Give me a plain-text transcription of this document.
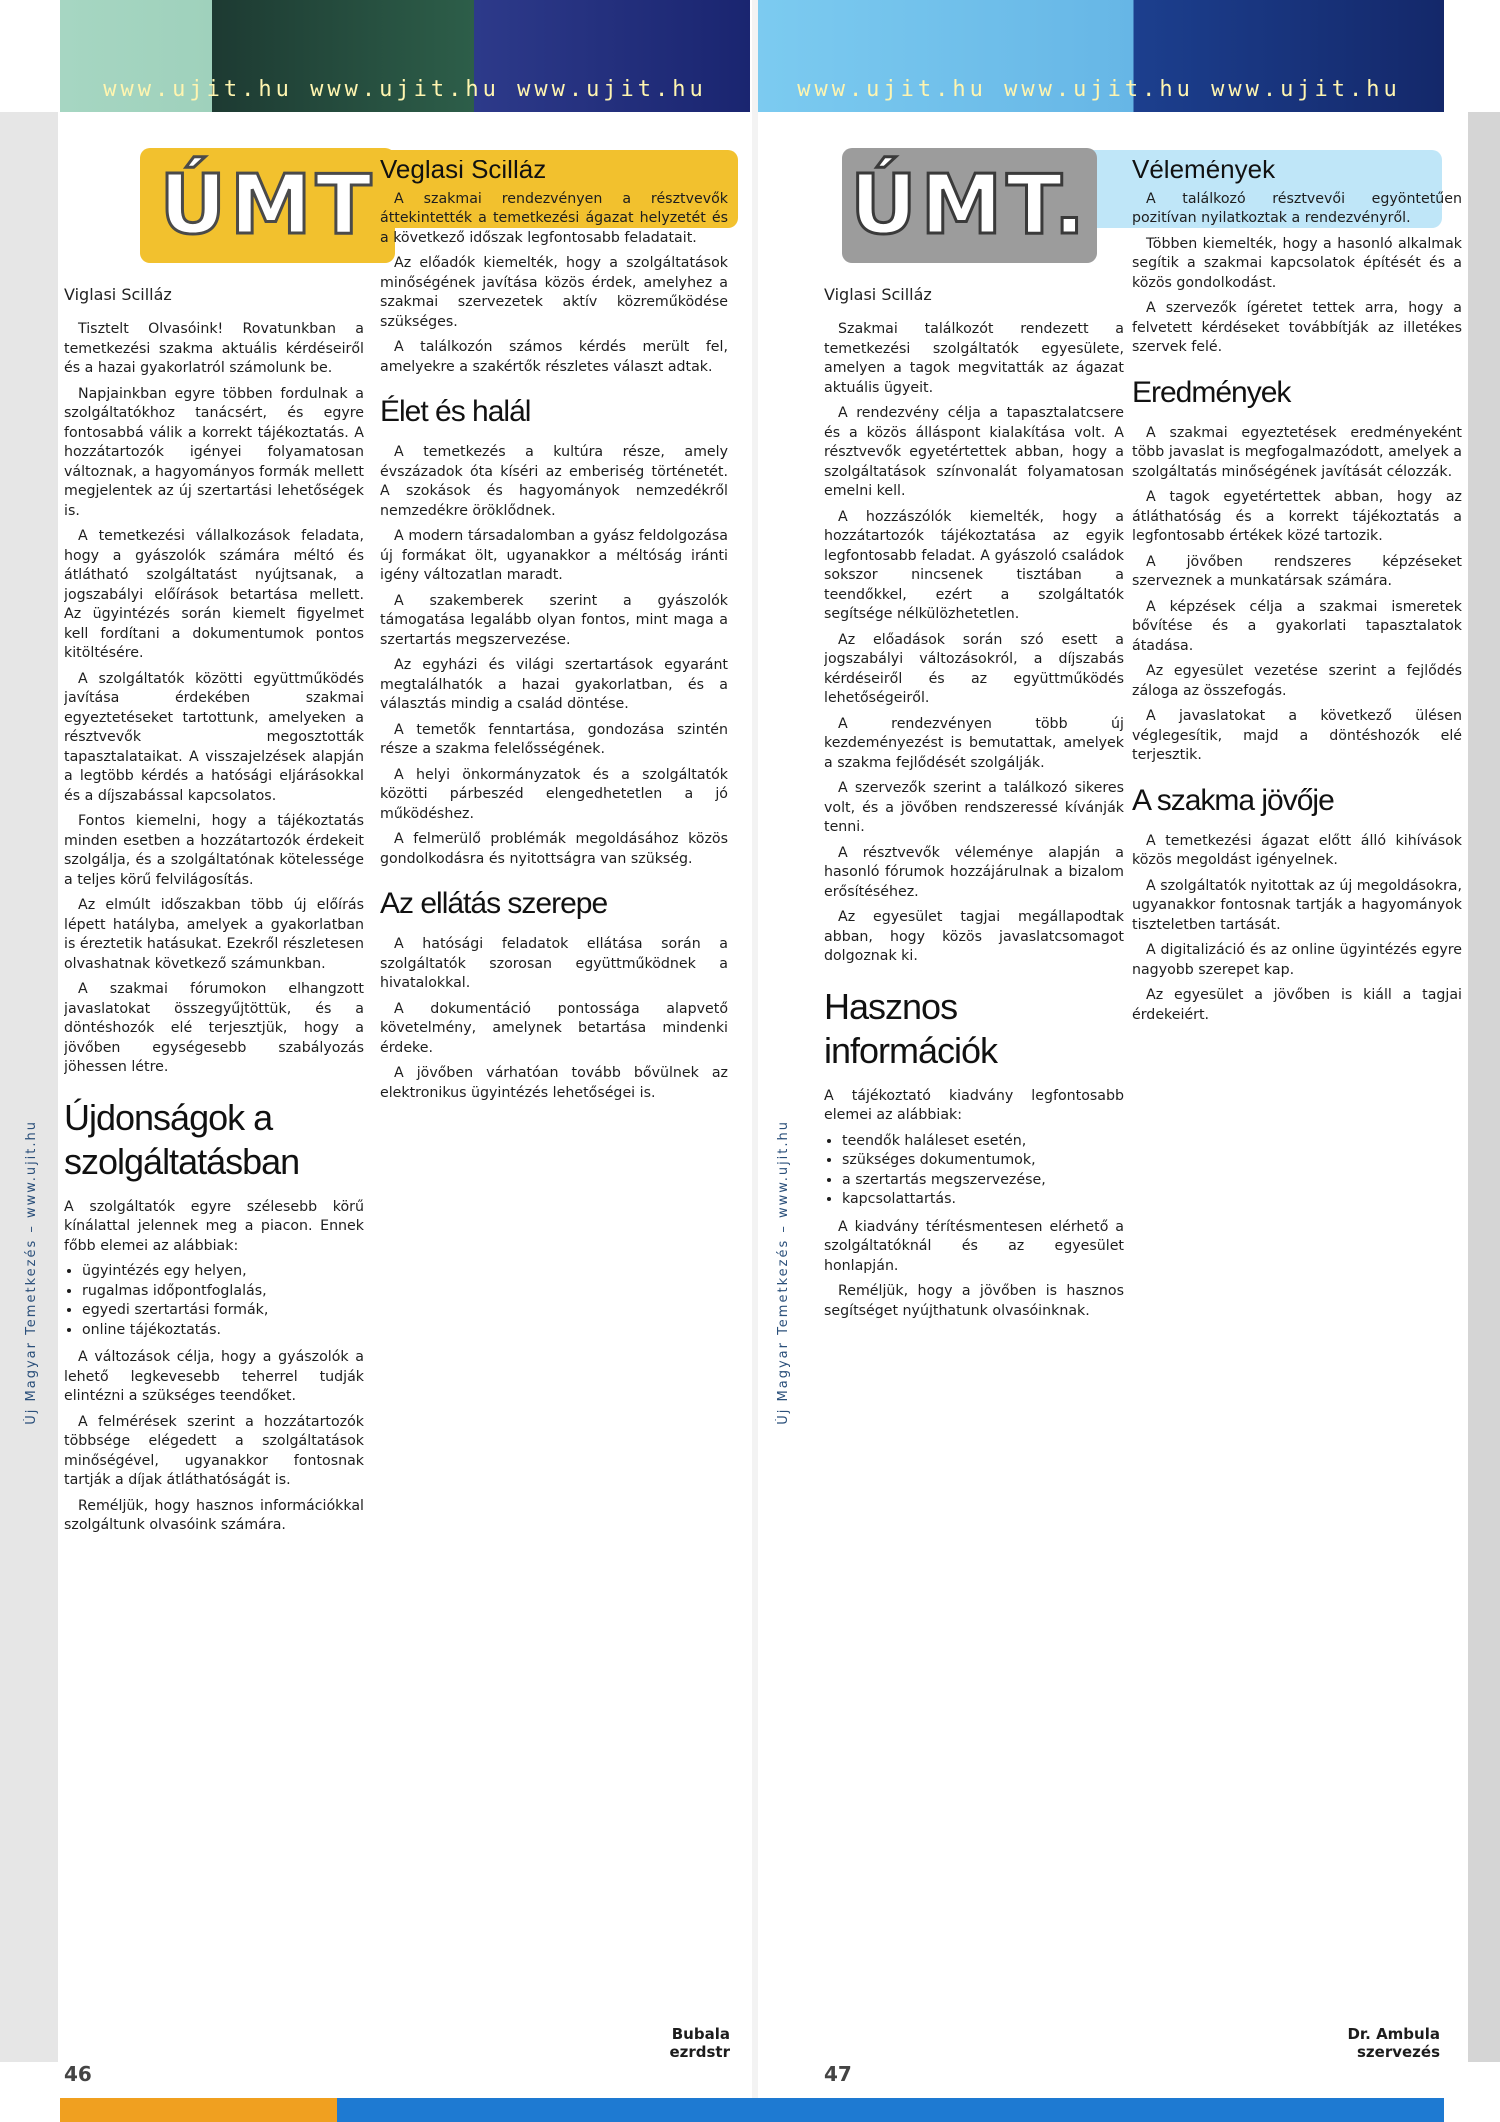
www.ujit.hu www.ujit.hu www.ujit.hu	www.ujit.hu www.ujit.hu www.ujit.hu
Új Magyar Temetkezés – www.ujit.hu	Új Magyar Temetkezés – www.ujit.hu
ÚMT
Viglasi Scilláz

Tisztelt Olvasóink! Rovatunkban a temetkezési szakma aktuális kérdéseiről és a hazai gyakorlatról számolunk be.

Napjainkban egyre többen fordulnak a szolgáltatókhoz tanácsért, és egyre fontosabbá válik a korrekt tájékoztatás. A hozzátartozók igényei folyamatosan változnak, a hagyományos formák mellett megjelentek az új szertartási lehetőségek is.

A temetkezési vállalkozások feladata, hogy a gyászolók számára méltó és átlátható szolgáltatást nyújtsanak, a jogszabályi előírások betartása mellett. Az ügyintézés során kiemelt figyelmet kell fordítani a dokumentumok pontos kitöltésére.

A szolgáltatók közötti együttműködés javítása érdekében szakmai egyeztetéseket tartottunk, amelyeken a résztvevők megosztották tapasztalataikat. A visszajelzések alapján a legtöbb kérdés a hatósági eljárásokkal és a díjszabással kapcsolatos.

Fontos kiemelni, hogy a tájékoztatás minden esetben a hozzátartozók érdekeit szolgálja, és a szolgáltatónak kötelessége a teljes körű felvilágosítás.

Az elmúlt időszakban több új előírás lépett hatályba, amelyek a gyakorlatban is éreztetik hatásukat. Ezekről részletesen olvashatnak következő számunkban.

A szakmai fórumokon elhangzott javaslatokat összegyűjtöttük, és a döntéshozók elé terjesztjük, hogy a jövőben egységesebb szabályozás jöhessen létre.

Újdonságok a szolgáltatásban

A szolgáltatók egyre szélesebb körű kínálattal jelennek meg a piacon. Ennek főbb elemei az alábbiak:

• ügyintézés egy helyen,
• rugalmas időpontfoglalás,
• egyedi szertartási formák,
• online tájékoztatás.

A változások célja, hogy a gyászolók a lehető legkevesebb teherrel tudják elintézni a szükséges teendőket.

A felmérések szerint a hozzátartozók többsége elégedett a szolgáltatások minőségével, ugyanakkor fontosnak tartják a díjak átláthatóságát is.

Reméljük, hogy hasznos információkkal szolgáltunk olvasóink számára.

Veglasi Scilláz

A szakmai rendezvényen a résztvevők áttekintették a temetkezési ágazat helyzetét és a következő időszak legfontosabb feladatait.

Az előadók kiemelték, hogy a szolgáltatások minőségének javítása közös érdek, amelyhez a szakmai szervezetek aktív közreműködése szükséges.

A találkozón számos kérdés merült fel, amelyekre a szakértők részletes választ adtak.

Élet és halál

A temetkezés a kultúra része, amely évszázadok óta kíséri az emberiség történetét. A szokások és hagyományok nemzedékről nemzedékre öröklődnek.

A modern társadalomban a gyász feldolgozása új formákat ölt, ugyanakkor a méltóság iránti igény változatlan maradt.

A szakemberek szerint a gyászolók támogatása legalább olyan fontos, mint maga a szertartás megszervezése.

Az egyházi és világi szertartások egyaránt megtalálhatók a hazai gyakorlatban, és a választás mindig a család döntése.

A temetők fenntartása, gondozása szintén része a szakma felelősségének.

A helyi önkormányzatok és a szolgáltatók közötti párbeszéd elengedhetetlen a jó működéshez.

A felmerülő problémák megoldásához közös gondolkodásra és nyitottságra van szükség.

Az ellátás szerepe

A hatósági feladatok ellátása során a szolgáltatók szorosan együttműködnek a hivatalokkal.

A dokumentáció pontossága alapvető követelmény, amelynek betartása mindenki érdeke.

A jövőben várhatóan tovább bővülnek az elektronikus ügyintézés lehetőségei is.

Bubala
ezrdstr
46
ÚMT.
Viglasi Scilláz

Szakmai találkozót rendezett a temetkezési szolgáltatók egyesülete, amelyen a tagok megvitatták az ágazat aktuális ügyeit.

A rendezvény célja a tapasztalatcsere és a közös álláspont kialakítása volt. A résztvevők egyetértettek abban, hogy a szolgáltatások színvonalát folyamatosan emelni kell.

A hozzászólók kiemelték, hogy a hozzátartozók tájékoztatása az egyik legfontosabb feladat. A gyászoló családok sokszor nincsenek tisztában a teendőkkel, ezért a szolgáltatók segítsége nélkülözhetetlen.

Az előadások során szó esett a jogszabályi változásokról, a díjszabás kérdéseiről és az együttműködés lehetőségeiről.

A rendezvényen több új kezdeményezést is bemutattak, amelyek a szakma fejlődését szolgálják.

A szervezők szerint a találkozó sikeres volt, és a jövőben rendszeressé kívánják tenni.

A résztvevők véleménye alapján a hasonló fórumok hozzájárulnak a bizalom erősítéséhez.

Az egyesület tagjai megállapodtak abban, hogy közös javaslatcsomagot dolgoznak ki.

Hasznos információk

A tájékoztató kiadvány legfontosabb elemei az alábbiak:

• teendők haláleset esetén,
• szükséges dokumentumok,
• a szertartás megszervezése,
• kapcsolattartás.

A kiadvány térítésmentesen elérhető a szolgáltatóknál és az egyesület honlapján.

Reméljük, hogy a jövőben is hasznos segítséget nyújthatunk olvasóinknak.

Vélemények

A találkozó résztvevői egyöntetűen pozitívan nyilatkoztak a rendezvényről.

Többen kiemelték, hogy a hasonló alkalmak segítik a szakmai kapcsolatok építését és a közös gondolkodást.

A szervezők ígéretet tettek arra, hogy a felvetett kérdéseket továbbítják az illetékes szervek felé.

Eredmények

A szakmai egyeztetések eredményeként több javaslat is megfogalmazódott, amelyek a szolgáltatás minőségének javítását célozzák.

A tagok egyetértettek abban, hogy az átláthatóság és a korrekt tájékoztatás a legfontosabb értékek közé tartozik.

A jövőben rendszeres képzéseket szerveznek a munkatársak számára.

A képzések célja a szakmai ismeretek bővítése és a gyakorlati tapasztalatok átadása.

Az egyesület vezetése szerint a fejlődés záloga az összefogás.

A javaslatokat a következő ülésen véglegesítik, majd a döntéshozók elé terjesztik.

A szakma jövője

A temetkezési ágazat előtt álló kihívások közös megoldást igényelnek.

A szolgáltatók nyitottak az új megoldásokra, ugyanakkor fontosnak tartják a hagyományok tiszteletben tartását.

A digitalizáció és az online ügyintézés egyre nagyobb szerepet kap.

Az egyesület a jövőben is kiáll a tagjai érdekeiért.

Dr. Ambula
szervezés
47
